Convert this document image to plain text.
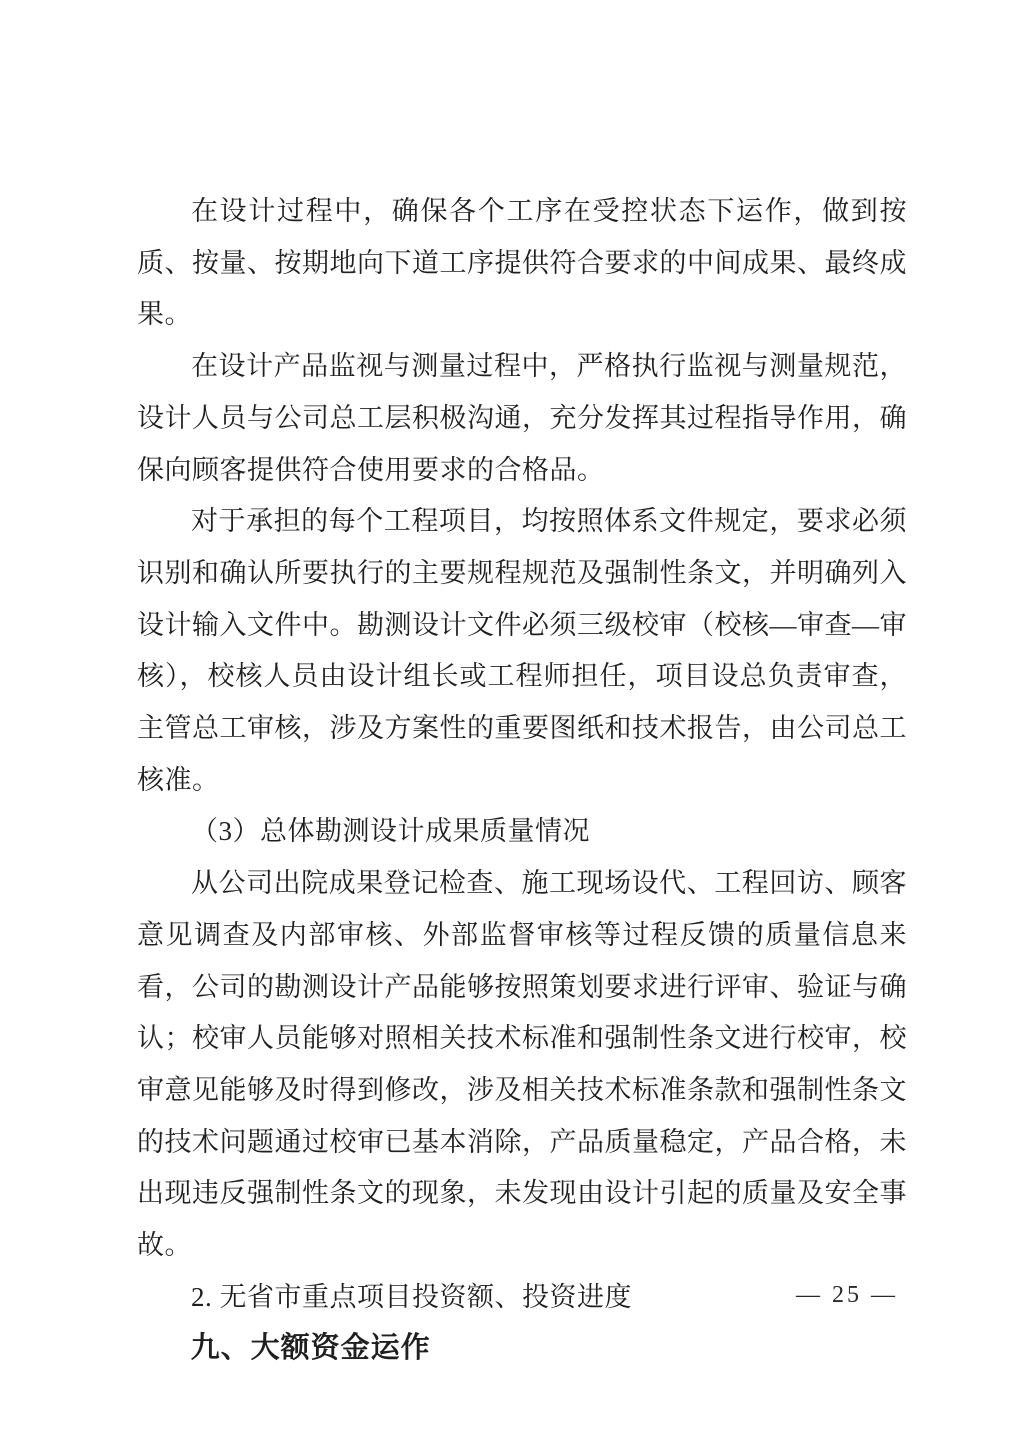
在设计过程中，确保各个工序在受控状态下运作，做到按质、按量、按期地向下道工序提供符合要求的中间成果、最终成果。

在设计产品监视与测量过程中，严格执行监视与测量规范，设计人员与公司总工层积极沟通，充分发挥其过程指导作用，确保向顾客提供符合使用要求的合格品。

对于承担的每个工程项目，均按照体系文件规定，要求必须识别和确认所要执行的主要规程规范及强制性条文，并明确列入设计输入文件中。勘测设计文件必须三级校审（校核—审查—审核），校核人员由设计组长或工程师担任，项目设总负责审查，主管总工审核，涉及方案性的重要图纸和技术报告，由公司总工核准。

（3）总体勘测设计成果质量情况

从公司出院成果登记检查、施工现场设代、工程回访、顾客意见调查及内部审核、外部监督审核等过程反馈的质量信息来看，公司的勘测设计产品能够按照策划要求进行评审、验证与确认；校审人员能够对照相关技术标准和强制性条文进行校审，校审意见能够及时得到修改，涉及相关技术标准条款和强制性条文的技术问题通过校审已基本消除，产品质量稳定，产品合格，未出现违反强制性条文的现象，未发现由设计引起的质量及安全事故。

2. 无省市重点项目投资额、投资进度

九、大额资金运作
— 25 —
